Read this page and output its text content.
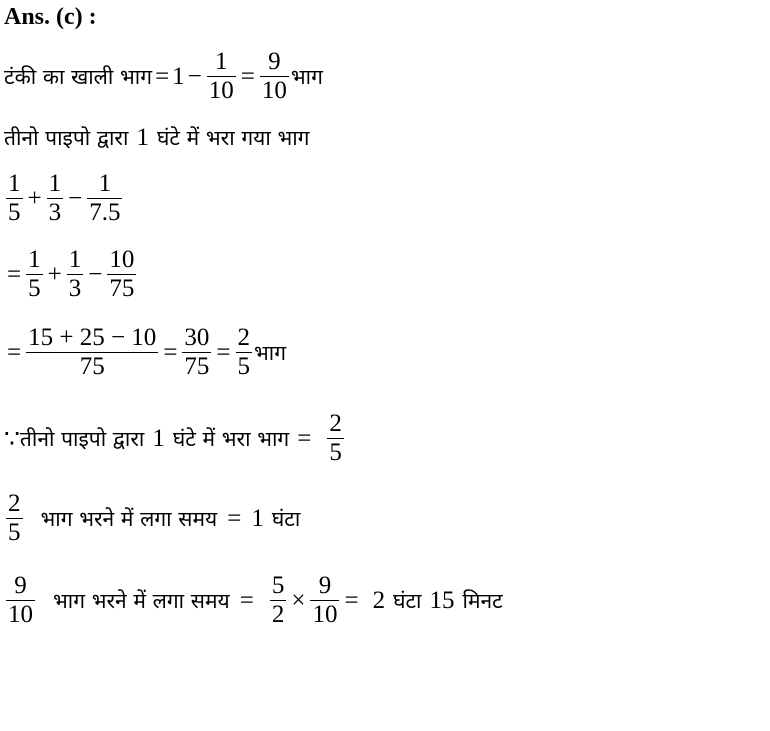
Ans. (c) :
टंकी का खाली भाग = $1 - \frac{1}{10} = \frac{9}{10}$ भाग
तीनो पाइपो द्वारा 1 घंटे में भरा गया भाग
$\frac{1}{5} + \frac{1}{3} - \frac{1}{7.5}$
= $\frac{1}{5} + \frac{1}{3} - \frac{10}{75}$
= $\frac{15 + 25 - 10}{75} = \frac{30}{75} = \frac{2}{5}$ भाग
∵ तीनो पाइपो द्वारा 1 घंटे में भरा भाग = $\frac{2}{5}$
$\frac{2}{5}$ भाग भरने में लगा समय = 1 घंटा
$\frac{9}{10}$ भाग भरने में लगा समय = $\frac{5}{2} \times \frac{9}{10} = 2$ घंटा 15 मिनट
